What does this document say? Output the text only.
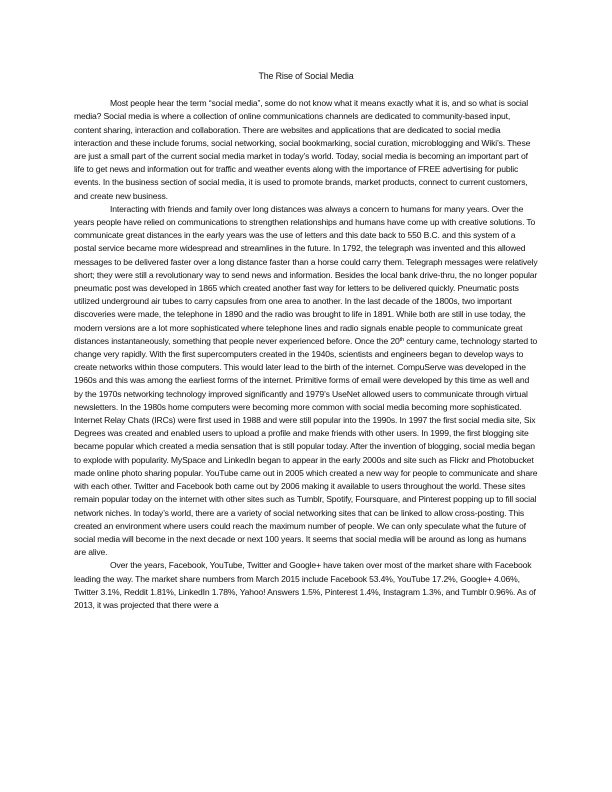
The Rise of Social Media

Most people hear the term “social media”, some do not know what it means exactly what it is, and so what is social media? Social media is where a collection of online communications channels are dedicated to community-based input, content sharing, interaction and collaboration. There are websites and applications that are dedicated to social media interaction and these include forums, social networking, social bookmarking, social curation, microblogging and Wiki’s. These are just a small part of the current social media market in today’s world. Today, social media is becoming an important part of life to get news and information out for traffic and weather events along with the importance of FREE advertising for public events. In the business section of social media, it is used to promote brands, market products, connect to current customers, and create new business.

Interacting with friends and family over long distances was always a concern to humans for many years. Over the years people have relied on communications to strengthen relationships and humans have come up with creative solutions. To communicate great distances in the early years was the use of letters and this date back to 550 B.C. and this system of a postal service became more widespread and streamlines in the future. In 1792, the telegraph was invented and this allowed messages to be delivered faster over a long distance faster than a horse could carry them. Telegraph messages were relatively short; they were still a revolutionary way to send news and information. Besides the local bank drive-thru, the no longer popular pneumatic post was developed in 1865 which created another fast way for letters to be delivered quickly. Pneumatic posts utilized underground air tubes to carry capsules from one area to another. In the last decade of the 1800s, two important discoveries were made, the telephone in 1890 and the radio was brought to life in 1891. While both are still in use today, the modern versions are a lot more sophisticated where telephone lines and radio signals enable people to communicate great distances instantaneously, something that people never experienced before. Once the 20th century came, technology started to change very rapidly. With the first supercomputers created in the 1940s, scientists and engineers began to develop ways to create networks within those computers. This would later lead to the birth of the internet. CompuServe was developed in the 1960s and this was among the earliest forms of the internet. Primitive forms of email were developed by this time as well and by the 1970s networking technology improved significantly and 1979’s UseNet allowed users to communicate through virtual newsletters. In the 1980s home computers were becoming more common with social media becoming more sophisticated. Internet Relay Chats (IRCs) were first used in 1988 and were still popular into the 1990s. In 1997 the first social media site, Six Degrees was created and enabled users to upload a profile and make friends with other users. In 1999, the first blogging site became popular which created a media sensation that is still popular today. After the invention of blogging, social media began to explode with popularity. MySpace and LinkedIn began to appear in the early 2000s and site such as Flickr and Photobucket made online photo sharing popular. YouTube came out in 2005 which created a new way for people to communicate and share with each other. Twitter and Facebook both came out by 2006 making it available to users throughout the world. These sites remain popular today on the internet with other sites such as Tumblr, Spotify, Foursquare, and Pinterest popping up to fill social network niches. In today’s world, there are a variety of social networking sites that can be linked to allow cross-posting. This created an environment where users could reach the maximum number of people. We can only speculate what the future of social media will become in the next decade or next 100 years. It seems that social media will be around as long as humans are alive.

Over the years, Facebook, YouTube, Twitter and Google+ have taken over most of the market share with Facebook leading the way. The market share numbers from March 2015 include Facebook 53.4%, YouTube 17.2%, Google+ 4.06%, Twitter 3.1%, Reddit 1.81%, LinkedIn 1.78%, Yahoo! Answers 1.5%, Pinterest 1.4%, Instagram 1.3%, and Tumblr 0.96%. As of 2013, it was projected that there were a
